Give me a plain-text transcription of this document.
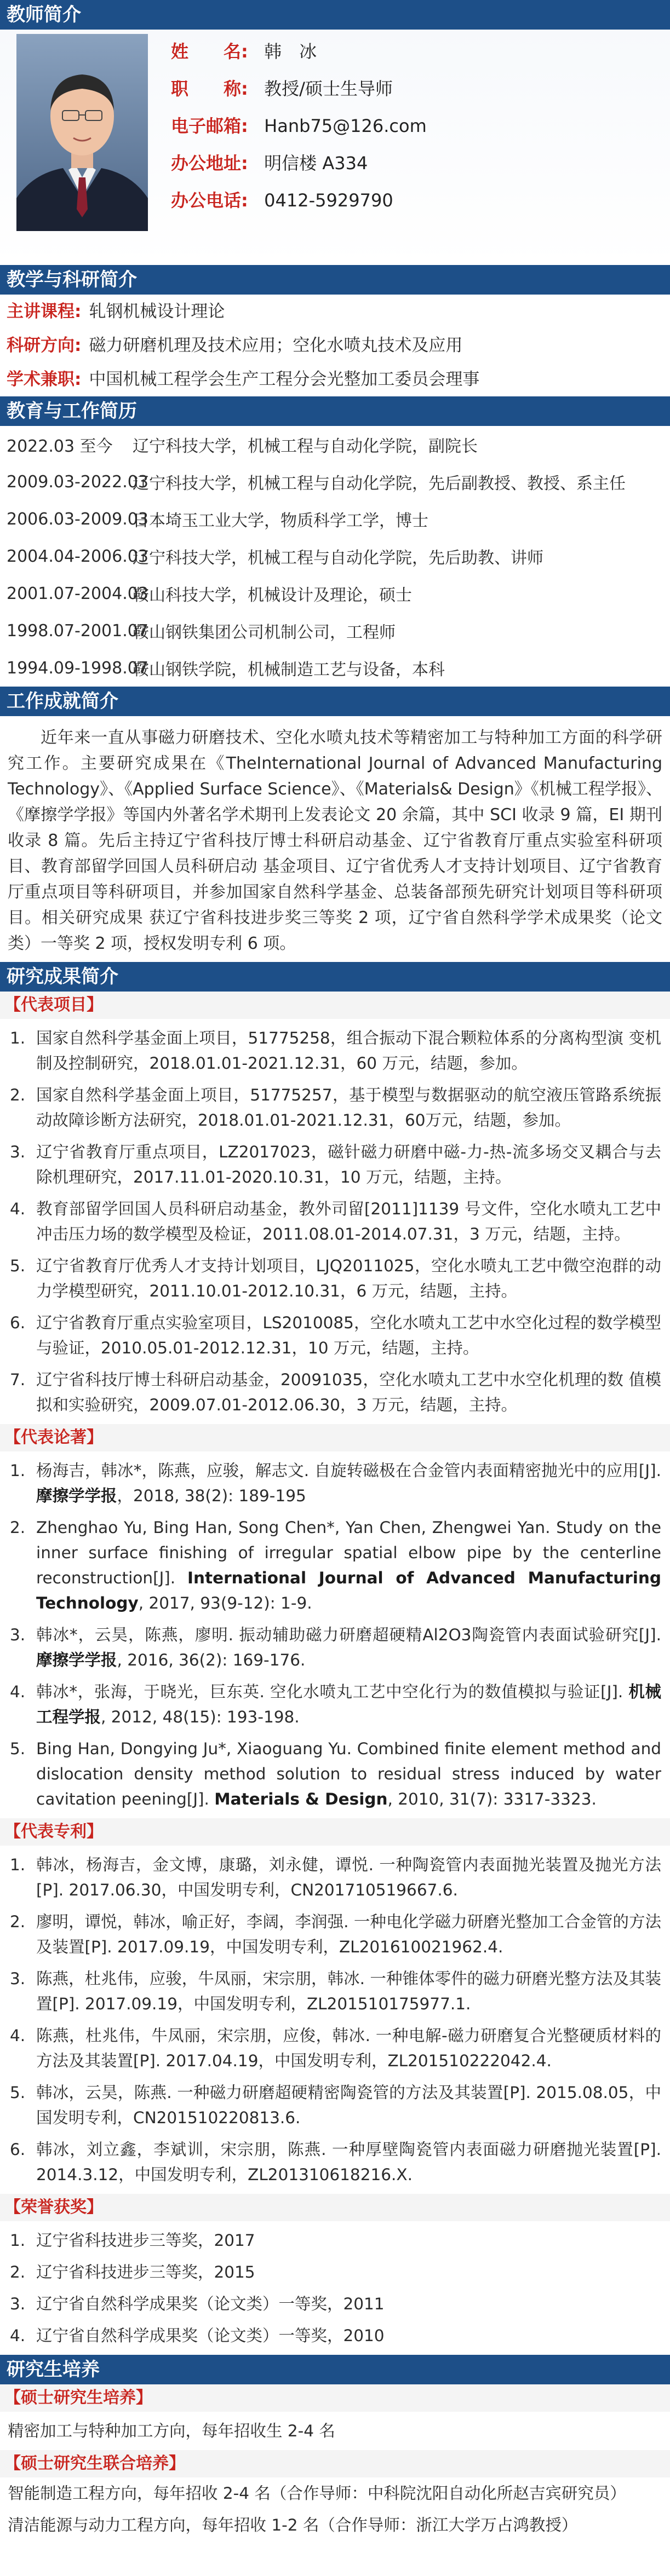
教师简介
姓　　名: 韩　冰
职　　称: 教授/硕士生导师
电子邮箱: Hanb75@126.com
办公地址: 明信楼 A334
办公电话: 0412-5929790
教学与科研简介
主讲课程: 轧钢机械设计理论
科研方向: 磁力研磨机理及技术应用；空化水喷丸技术及应用
学术兼职: 中国机械工程学会生产工程分会光整加工委员会理事
教育与工作简历
2022.03 至今	辽宁科技大学，机械工程与自动化学院，副院长
2009.03-2022.03
辽宁科技大学，机械工程与自动化学院，先后副教授、教授、系主任
2006.03-2009.03
日本埼玉工业大学，物质科学工学，博士
2004.04-2006.03
辽宁科技大学，机械工程与自动化学院，先后助教、讲师
2001.07-2004.03
鞍山科技大学，机械设计及理论，硕士
1998.07-2001.07
鞍山钢铁集团公司机制公司，工程师
1994.09-1998.07
鞍山钢铁学院，机械制造工艺与设备，本科
工作成就简介
近年来一直从事磁力研磨技术、空化水喷丸技术等精密加工与特种加工方面的科学研究工作。主要研究成果在《TheInternational Journal of Advanced Manufacturing Technology》、《Applied Surface Science》、《Materials& Design》《机械工程学报》、《摩擦学学报》等国内外著名学术期刊上发表论文 20 余篇，其中 SCI 收录 9 篇，EI 期刊收录 8 篇。先后主持辽宁省科技厅博士科研启动基金、辽宁省教育厅重点实验室科研项目、教育部留学回国人员科研启动 基金项目、辽宁省优秀人才支持计划项目、辽宁省教育厅重点项目等科研项目，并参加国家自然科学基金、总装备部预先研究计划项目等科研项目。相关研究成果 获辽宁省科技进步奖三等奖 2 项，辽宁省自然科学学术成果奖（论文类）一等奖 2 项，授权发明专利 6 项。
研究成果简介
【代表项目】
1. 国家自然科学基金面上项目，51775258，组合振动下混合颗粒体系的分离构型演 变机制及控制研究，2018.01.01-2021.12.31，60 万元，结题，参加。
2. 国家自然科学基金面上项目，51775257，基于模型与数据驱动的航空液压管路系统振动故障诊断方法研究，2018.01.01-2021.12.31，60万元，结题，参加。
3. 辽宁省教育厅重点项目，LZ2017023，磁针磁力研磨中磁-力-热-流多场交叉耦合与去除机理研究，2017.11.01-2020.10.31，10 万元，结题，主持。
4. 教育部留学回国人员科研启动基金，教外司留[2011]1139 号文件，空化水喷丸工艺中冲击压力场的数学模型及检证，2011.08.01-2014.07.31，3 万元，结题，主持。
5. 辽宁省教育厅优秀人才支持计划项目，LJQ2011025，空化水喷丸工艺中微空泡群的动力学模型研究，2011.10.01-2012.10.31，6 万元，结题，主持。
6. 辽宁省教育厅重点实验室项目，LS2010085，空化水喷丸工艺中水空化过程的数学模型与验证，2010.05.01-2012.12.31，10 万元，结题，主持。
7. 辽宁省科技厅博士科研启动基金，20091035，空化水喷丸工艺中水空化机理的数 值模拟和实验研究，2009.07.01-2012.06.30，3 万元，结题，主持。
【代表论著】
1. 杨海吉，韩冰*，陈燕，应骏，解志文. 自旋转磁极在合金管内表面精密抛光中的应用[J]. 摩擦学学报，2018, 38(2): 189-195
2. Zhenghao Yu, Bing Han, Song Chen*, Yan Chen, Zhengwei Yan. Study on the inner surface finishing of irregular spatial elbow pipe by the centerline reconstruction[J]. International Journal of Advanced Manufacturing Technology, 2017, 93(9-12): 1-9.
3. 韩冰*，云昊，陈燕，廖明. 振动辅助磁力研磨超硬精Al2O3陶瓷管内表面试验研究[J]. 摩擦学学报, 2016, 36(2): 169-176.
4. 韩冰*，张海，于晓光，巨东英. 空化水喷丸工艺中空化行为的数值模拟与验证[J]. 机械工程学报, 2012, 48(15): 193-198.
5. Bing Han, Dongying Ju*, Xiaoguang Yu. Combined finite element method and dislocation density method solution to residual stress induced by water cavitation peening[J]. Materials & Design, 2010, 31(7): 3317-3323.
【代表专利】
1. 韩冰，杨海吉，金文博，康璐，刘永健，谭悦. 一种陶瓷管内表面抛光装置及抛光方法[P]. 2017.06.30，中国发明专利，CN201710519667.6.
2. 廖明，谭悦，韩冰，喻正好，李阔，李润强. 一种电化学磁力研磨光整加工合金管的方法及装置[P]. 2017.09.19，中国发明专利，ZL201610021962.4.
3. 陈燕，杜兆伟，应骏，牛凤丽，宋宗朋，韩冰. 一种锥体零件的磁力研磨光整方法及其装置[P]. 2017.09.19，中国发明专利，ZL201510175977.1.
4. 陈燕，杜兆伟，牛凤丽，宋宗朋，应俊，韩冰. 一种电解-磁力研磨复合光整硬质材料的方法及其装置[P]. 2017.04.19，中国发明专利，ZL201510222042.4.
5. 韩冰，云昊，陈燕. 一种磁力研磨超硬精密陶瓷管的方法及其装置[P]. 2015.08.05，中国发明专利，CN201510220813.6.
6. 韩冰，刘立鑫，李斌训，宋宗朋，陈燕. 一种厚壁陶瓷管内表面磁力研磨抛光装置[P]. 2014.3.12，中国发明专利，ZL201310618216.X.
【荣誉获奖】
1. 辽宁省科技进步三等奖，2017
2. 辽宁省科技进步三等奖，2015
3. 辽宁省自然科学成果奖（论文类）一等奖，2011
4. 辽宁省自然科学成果奖（论文类）一等奖，2010
研究生培养
【硕士研究生培养】
精密加工与特种加工方向，每年招收生 2-4 名
【硕士研究生联合培养】
智能制造工程方向，每年招收 2-4 名（合作导师：中科院沈阳自动化所赵吉宾研究员）
清洁能源与动力工程方向，每年招收 1-2 名（合作导师：浙江大学万占鸿教授）
